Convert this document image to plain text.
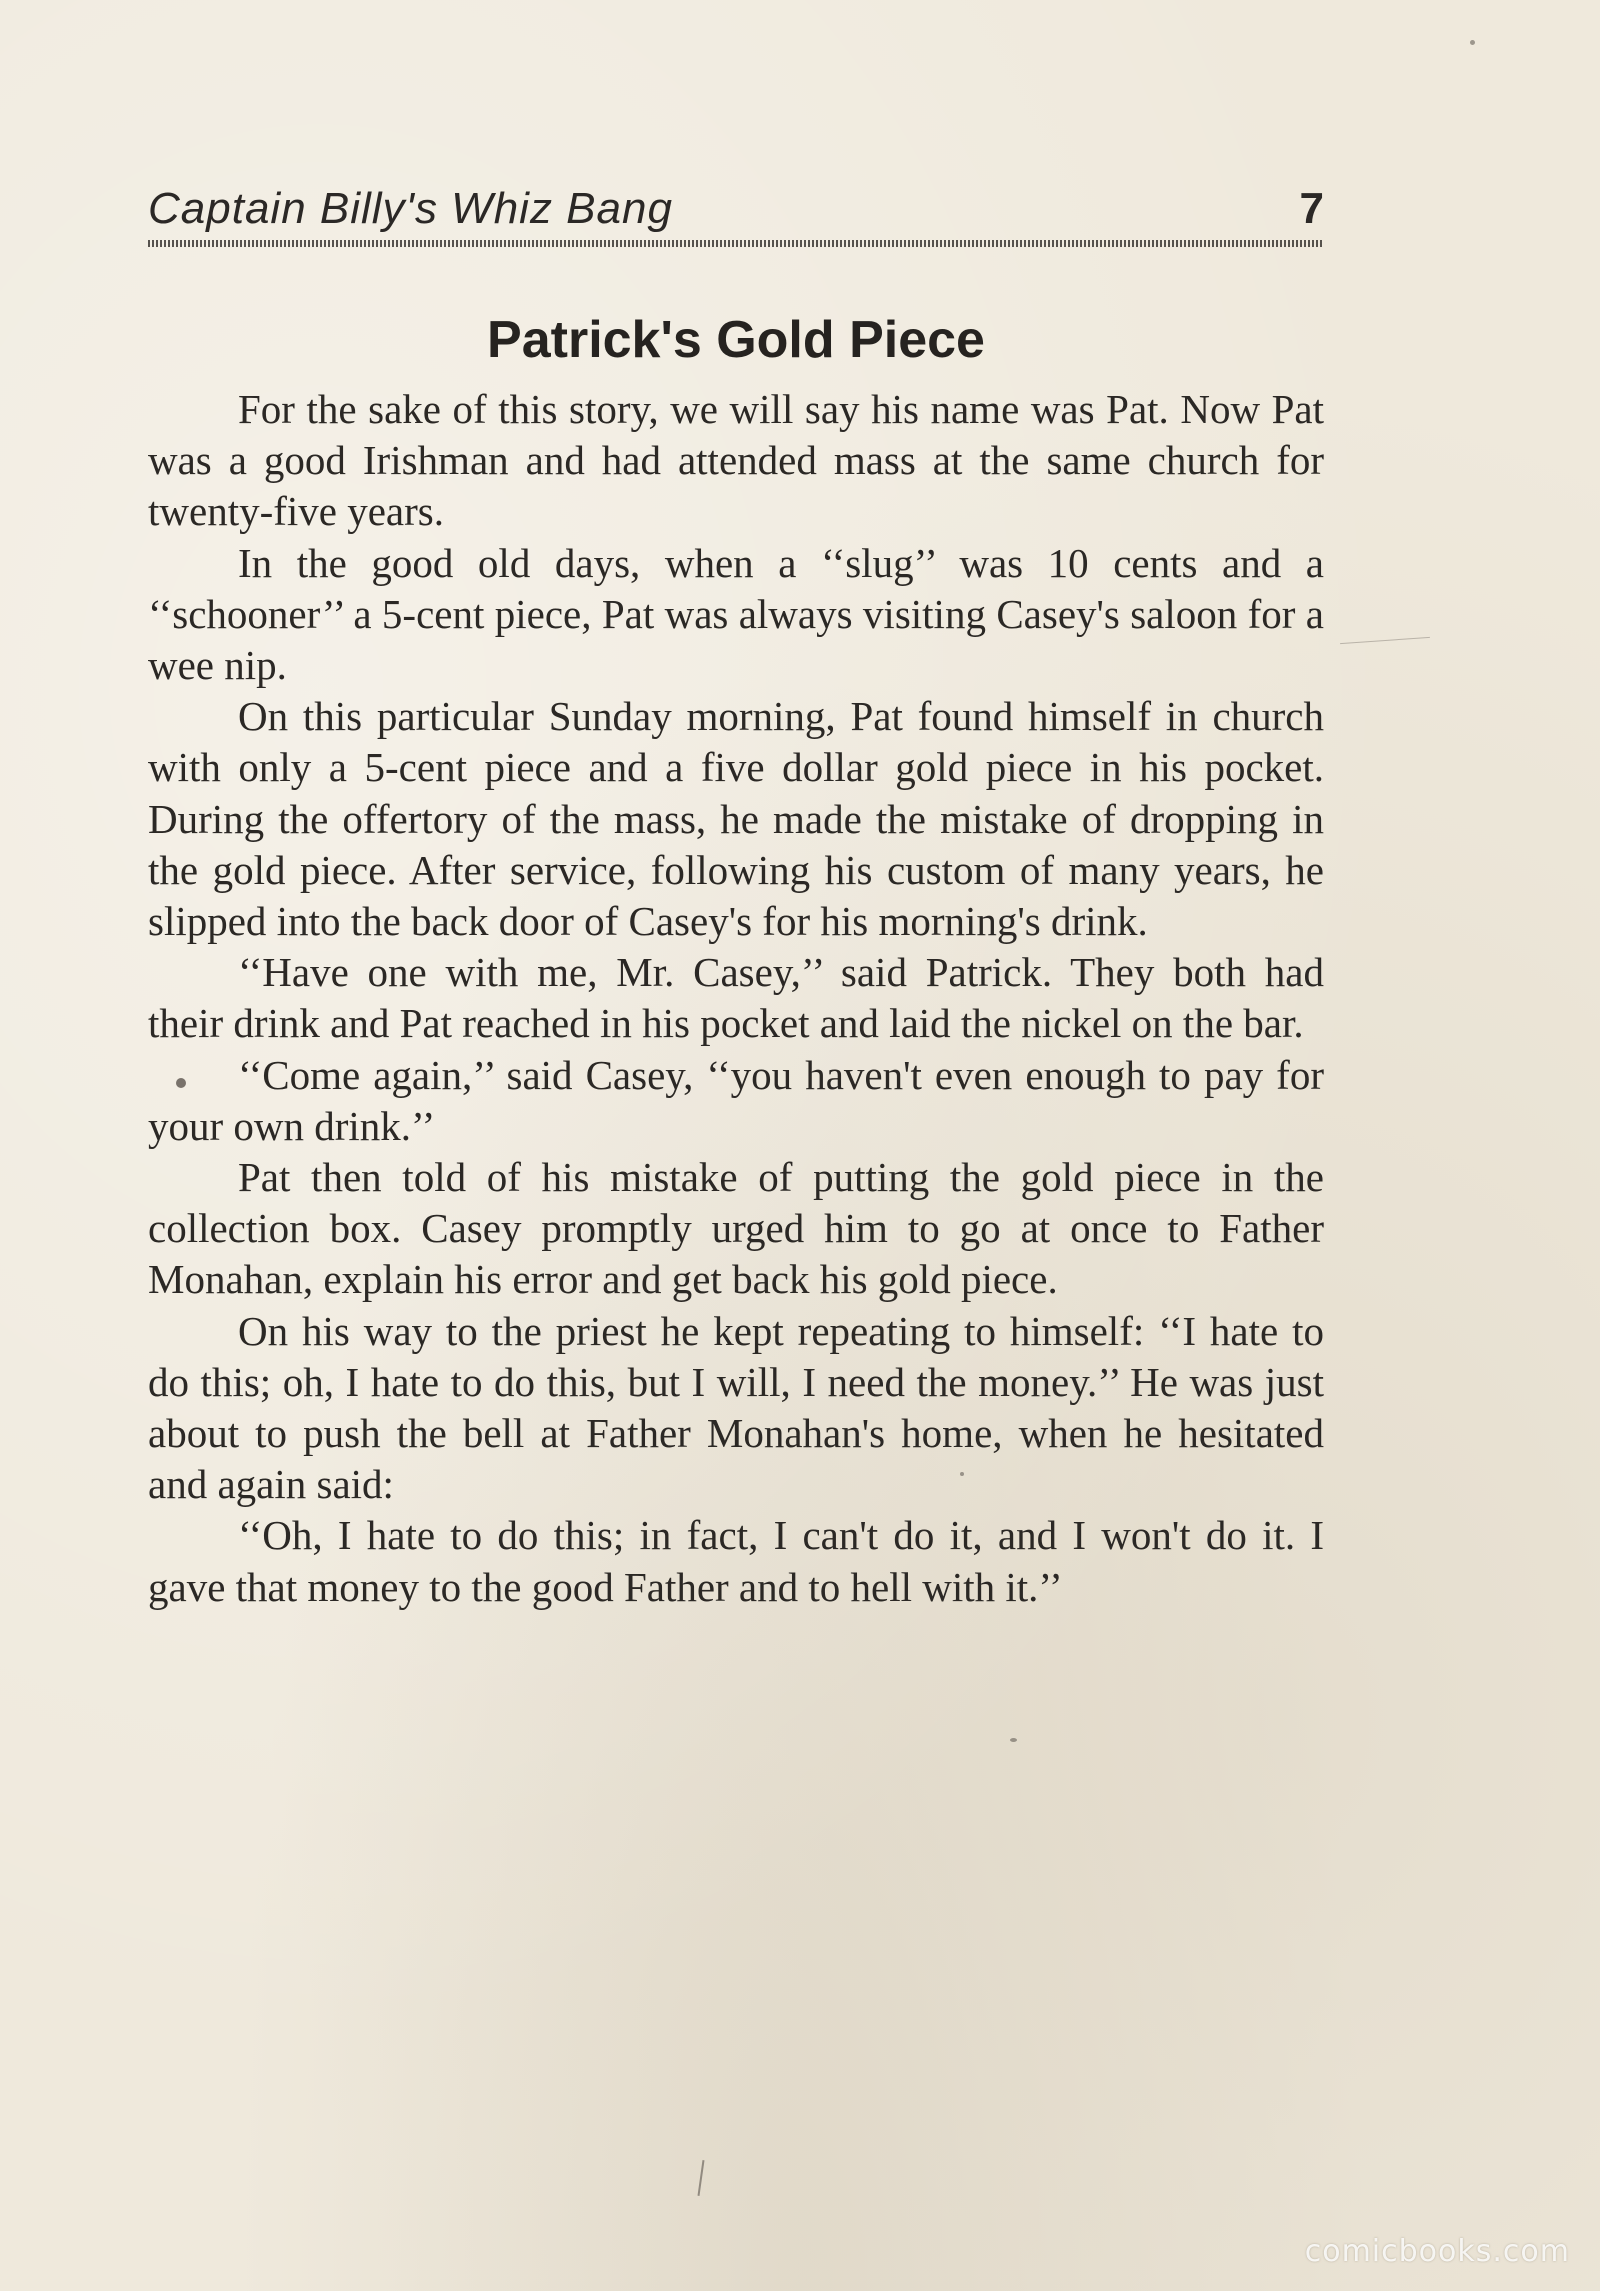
Captain Billy's Whiz Bang	7
Patrick's Gold Piece

For the sake of this story, we will say his name was Pat. Now Pat was a good Irishman and had attended mass at the same church for twenty-five years.

In the good old days, when a ‘‘slug’’ was 10 cents and a ‘‘schooner’’ a 5-cent piece, Pat was always visiting Casey's saloon for a wee nip.

On this particular Sunday morning, Pat found himself in church with only a 5-cent piece and a five dollar gold piece in his pocket. During the offertory of the mass, he made the mistake of dropping in the gold piece. After service, following his custom of many years, he slipped into the back door of Casey's for his morning's drink.

‘‘Have one with me, Mr. Casey,’’ said Patrick. They both had their drink and Pat reached in his pocket and laid the nickel on the bar.

‘‘Come again,’’ said Casey, ‘‘you haven't even enough to pay for your own drink.’’

Pat then told of his mistake of putting the gold piece in the collection box. Casey promptly urged him to go at once to Father Monahan, explain his error and get back his gold piece.

On his way to the priest he kept repeating to himself: ‘‘I hate to do this; oh, I hate to do this, but I will, I need the money.’’ He was just about to push the bell at Father Monahan's home, when he hesitated and again said:

‘‘Oh, I hate to do this; in fact, I can't do it, and I won't do it. I gave that money to the good Father and to hell with it.’’

comicbooks.com
